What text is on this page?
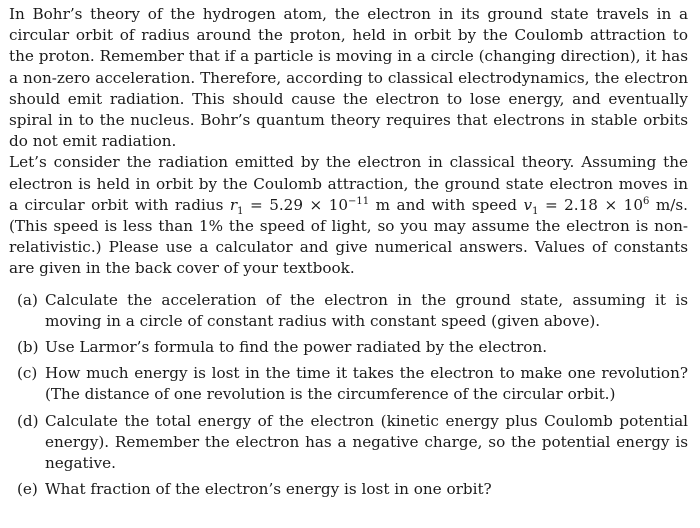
In Bohr’s theory of the hydrogen atom, the electron in its ground state travels in a circular orbit of radius around the proton, held in orbit by the Coulomb attraction to the proton. Remember that if a particle is moving in a circle (changing direction), it has a non-zero acceleration. Therefore, according to classical electrodynamics, the electron should emit radiation. This should cause the electron to lose energy, and eventually spiral in to the nucleus. Bohr’s quantum theory requires that electrons in stable orbits do not emit radiation.

Let’s consider the radiation emitted by the electron in classical theory. Assuming the electron is held in orbit by the Coulomb attraction, the ground state electron moves in a circular orbit with radius $r_1 = 5.29 \times 10^{-11}$ m and with speed $v_1 = 2.18 \times 10^6$ m/s. (This speed is less than 1% the speed of light, so you may assume the electron is non-relativistic.) Please use a calculator and give numerical answers. Values of constants are given in the back cover of your textbook.

(a) Calculate the acceleration of the electron in the ground state, assuming it is moving in a circle of constant radius with constant speed (given above).
(b) Use Larmor’s formula to find the power radiated by the electron.
(c) How much energy is lost in the time it takes the electron to make one revolution? (The distance of one revolution is the circumference of the circular orbit.)
(d) Calculate the total energy of the electron (kinetic energy plus Coulomb potential energy). Remember the electron has a negative charge, so the potential energy is negative.
(e) What fraction of the electron’s energy is lost in one orbit?
